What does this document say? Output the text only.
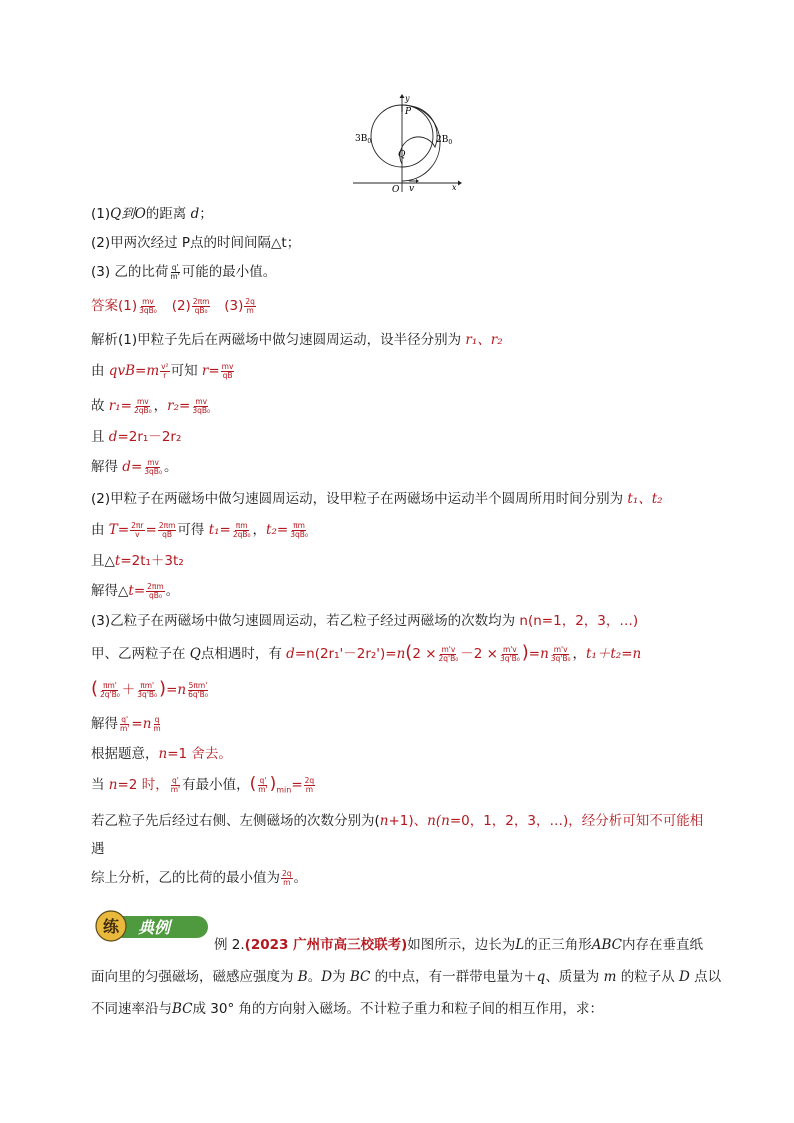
y
x
P
Q
O v
$3B_0$	$2B_0$
(1)Q到O的距离 d；
(2)甲两次经过 P点的时间间隔△t；
(3) 乙的比荷 $\frac{q'}{m'}$ 可能的最小值。
答案$(1) \frac{mv}{\text{3qB₀}} (2) \frac{2\pi m}{\text{qB₀}} (3) \frac{2q}{m}$
解析(1)甲粒子先后在两磁场中做匀速圆周运动，设半径分别为 r₁、r₂
由 $qvB=m \frac{\text{v²}}{r}$ 可知 $r= \frac{mv}{qB}$
故 $r_1= \frac{mv}{\text{2qB₀}}$ ，$r_2= \frac{mv}{\text{3qB₀}}$
且 d=2r₁－2r₂
解得 $d= \frac{mv}{\text{3qB₀}}$ 。
(2)甲粒子在两磁场中做匀速圆周运动，设甲粒子在两磁场中运动半个圆周所用时间分别为 t₁、t₂
由 $T= \frac{2\pi r}{v} = \frac{2\pi m}{qB}$ 可得 $t_1= \frac{\pi m}{\text{2qB₀}}$ ，$t_2= \frac{\pi m}{\text{3qB₀}}$
且△t=2t₁＋3t₂
解得△t= $\frac{2\pi m}{\text{qB₀}}$ 。
(3)乙粒子在两磁场中做匀速圆周运动，若乙粒子经过两磁场的次数均为 n(n=1，2，3，…)
甲、乙两粒子在 Q点相遇时，有 $d=n(2r_1'-2r_2')=n(2 \times \frac{m'v}{\text{2q'B₀}} -2 \times \frac{m'v}{\text{3q'B₀}} )=n \frac{m'v}{\text{3q'B₀}}$ ，t₁＋t₂=n
( $\frac{\pi m'}{\text{2q'B₀}} + \frac{\pi m'}{\text{3q'B₀}} )=n \frac{5\pi m'}{\text{6q'B₀}}$
解得 $\frac{q'}{m'} =n \frac{q}{m}$
根据题意，n=1 舍去。
当 n=2 时， $\frac{q'}{m'}$ 有最小值，( $\frac{q'}{m'} )_{min}= \frac{2q}{m}$
若乙粒子先后经过右侧、左侧磁场的次数分别为(n+1)、n(n=0，1，2，3，…)，经分析可知不可能相
遇
综上分析，乙的比荷的最小值为 $\frac{2q}{m}$ 。
练 典例
例 2.(2023 广州市高三校联考)如图所示，边长为L的正三角形ABC内存在垂直纸
面向里的匀强磁场，磁感应强度为 B。D为 BC 的中点，有一群带电量为＋q、质量为 m 的粒子从 D 点以
不同速率沿与BC成 30° 角的方向射入磁场。不计粒子重力和粒子间的相互作用，求：
